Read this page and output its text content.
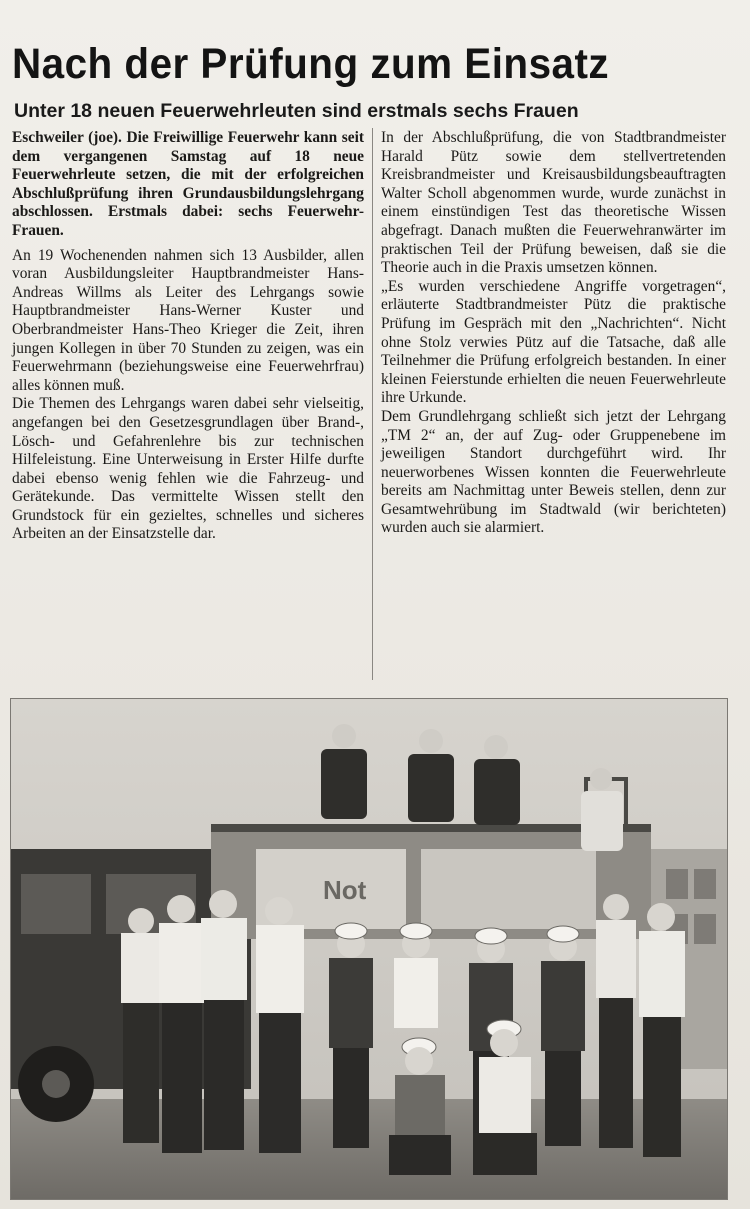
Nach der Prüfung zum Einsatz
Unter 18 neuen Feuerwehrleuten sind erstmals sechs Frauen

Eschweiler (joe). Die Freiwillige Feuerwehr kann seit dem vergangenen Samstag auf 18 neue Feuerwehrleute setzen, die mit der erfolgreichen Abschlußprüfung ihren Grundausbildungslehrgang abschlossen. Erstmals dabei: sechs Feuerwehr-Frauen.

An 19 Wochenenden nahmen sich 13 Ausbilder, allen voran Ausbildungsleiter Hauptbrandmeister Hans-Andreas Willms als Leiter des Lehrgangs sowie Hauptbrandmeister Hans-Werner Kuster und Oberbrandmeister Hans-Theo Krieger die Zeit, ihren jungen Kollegen in über 70 Stunden zu zeigen, was ein Feuerwehrmann (beziehungsweise eine Feuerwehrfrau) alles können muß.

Die Themen des Lehrgangs waren dabei sehr vielseitig, angefangen bei den Gesetzesgrundlagen über Brand-, Lösch- und Gefahrenlehre bis zur technischen Hilfeleistung. Eine Unterweisung in Erster Hilfe durfte dabei ebenso wenig fehlen wie die Fahrzeug- und Gerätekunde. Das vermittelte Wissen stellt den Grundstock für ein gezieltes, schnelles und sicheres Arbeiten an der Einsatzstelle dar.

In der Abschlußprüfung, die von Stadtbrandmeister Harald Pütz sowie dem stellvertretenden Kreisbrandmeister und Kreisausbildungsbeauftragten Walter Scholl abgenommen wurde, wurde zunächst in einem einstündigen Test das theoretische Wissen abgefragt. Danach mußten die Feuerwehranwärter im praktischen Teil der Prüfung beweisen, daß sie die Theorie auch in die Praxis umsetzen können.

„Es wurden verschiedene Angriffe vorgetragen“, erläuterte Stadtbrandmeister Pütz die praktische Prüfung im Gespräch mit den „Nachrichten“. Nicht ohne Stolz verwies Pütz auf die Tatsache, daß alle Teilnehmer die Prüfung erfolgreich bestanden. In einer kleinen Feierstunde erhielten die neuen Feuerwehrleute ihre Urkunde.

Dem Grundlehrgang schließt sich jetzt der Lehrgang „TM 2“ an, der auf Zug- oder Gruppenebene im jeweiligen Standort durchgeführt wird. Ihr neuerworbenes Wissen konnten die Feuerwehrleute bereits am Nachmittag unter Beweis stellen, denn zur Gesamtwehrübung im Stadtwald (wir berichteten) wurden auch sie alarmiert.

Not
